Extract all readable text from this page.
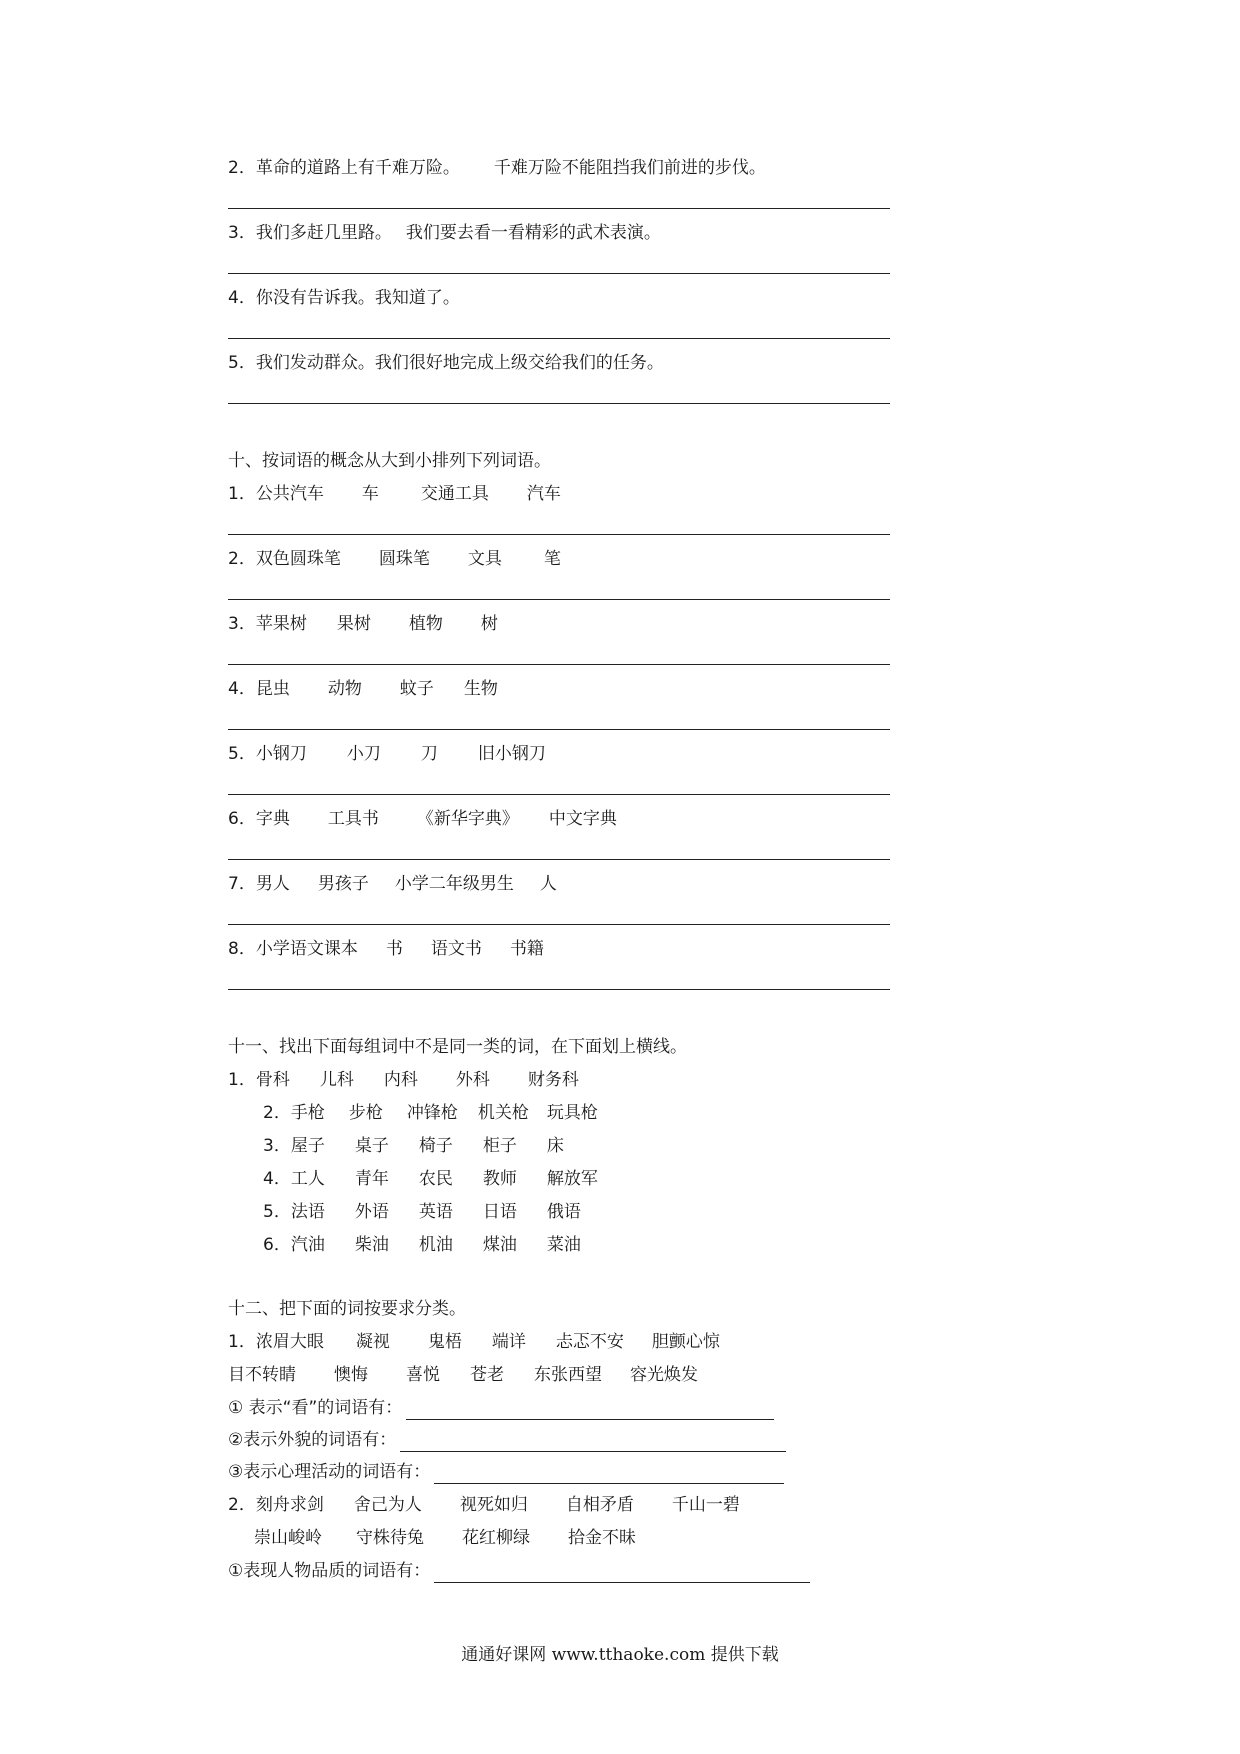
2．革命的道路上有千难万险。 千难万险不能阻挡我们前进的步伐。
3．我们多赶几里路。 我们要去看一看精彩的武术表演。
4．你没有告诉我。我知道了。
5．我们发动群众。我们很好地完成上级交给我们的任务。
十、按词语的概念从大到小排列下列词语。
1．公共汽车 车 交通工具 汽车
2．双色圆珠笔 圆珠笔 文具 笔
3．苹果树 果树 植物 树
4．昆虫 动物 蚊子 生物
5．小钢刀 小刀 刀 旧小钢刀
6．字典 工具书 《新华字典》 中文字典
7．男人 男孩子 小学二年级男生 人
8．小学语文课本 书 语文书 书籍
十一、找出下面每组词中不是同一类的词，在下面划上横线。
1．骨科 儿科 内科 外科 财务科
2．手枪 步枪 冲锋枪 机关枪 玩具枪
3．屋子 桌子 椅子 柜子 床
4．工人 青年 农民 教师 解放军
5．法语 外语 英语 日语 俄语
6．汽油 柴油 机油 煤油 菜油
十二、把下面的词按要求分类。
1．浓眉大眼 凝视 鬼梧 端详 忐忑不安 胆颤心惊
目不转睛 懊悔 喜悦 苍老 东张西望 容光焕发
① 表示“看”的词语有：
②表示外貌的词语有：
③表示心理活动的词语有：
2．刻舟求剑 舍己为人 视死如归 自相矛盾 千山一碧
崇山峻岭 守株待兔 花红柳绿 拾金不昧
①表现人物品质的词语有：
通通好课网 www.tthaoke.com 提供下载
